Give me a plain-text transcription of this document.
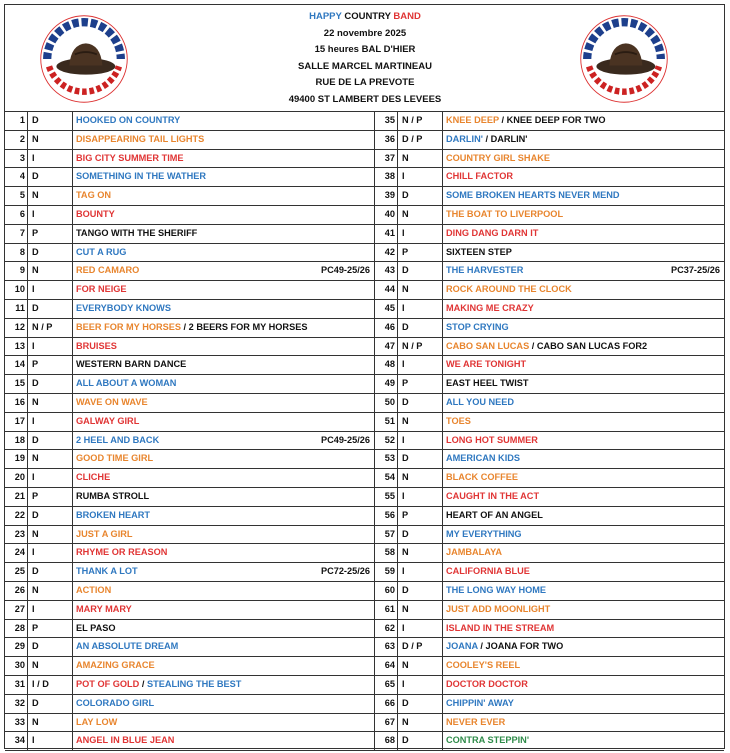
HAPPY COUNTRY BAND
22 novembre 2025
15 heures BAL D'HIER
SALLE MARCEL MARTINEAU
RUE DE LA PREVOTE
49400 ST LAMBERT DES LEVEES
1 D	HOOKED ON COUNTRY
2 N	DISAPPEARING TAIL LIGHTS
3 I	BIG CITY SUMMER TIME
4 D	SOMETHING IN THE WATHER
5 N	TAG ON
6 I	BOUNTY
7 P	TANGO WITH THE SHERIFF
8 D	CUT A RUG
9 N	RED CAMARO	PC49-25/26
10 I	FOR NEIGE
11 D	EVERYBODY KNOWS
12 N / P	BEER FOR MY HORSES / 2 BEERS FOR MY HORSES
13 I	BRUISES
14 P	WESTERN BARN DANCE
15 D	ALL ABOUT A WOMAN
16 N	WAVE ON WAVE
17 I	GALWAY GIRL
18 D	2 HEEL AND BACK	PC49-25/26
19 N	GOOD TIME GIRL
20 I	CLICHE
21 P	RUMBA STROLL
22 D	BROKEN HEART
23 N	JUST A GIRL
24 I	RHYME OR REASON
25 D	THANK A LOT	PC72-25/26
26 N	ACTION
27 I	MARY MARY
28 P	EL PASO
29 D	AN ABSOLUTE DREAM
30 N	AMAZING GRACE
31 I / D	POT OF GOLD / STEALING THE BEST
32 D	COLORADO GIRL
33 N	LAY LOW
34 I	ANGEL IN BLUE JEAN
35 N / P	KNEE DEEP / KNEE DEEP FOR TWO
36 D / P	DARLIN' / DARLIN'
37 N	COUNTRY GIRL SHAKE
38 I	CHILL FACTOR
39 D	SOME BROKEN HEARTS NEVER MEND
40 N	THE BOAT TO LIVERPOOL
41 I	DING DANG DARN IT
42 P	SIXTEEN STEP
43 D	THE HARVESTER	PC37-25/26
44 N	ROCK AROUND THE CLOCK
45 I	MAKING ME CRAZY
46 D	STOP CRYING
47 N / P	CABO SAN LUCAS / CABO SAN LUCAS FOR2
48 I	WE ARE TONIGHT
49 P	EAST HEEL TWIST
50 D	ALL YOU NEED
51 N	TOES
52 I	LONG HOT SUMMER
53 D	AMERICAN KIDS
54 N	BLACK COFFEE
55 I	CAUGHT IN THE ACT
56 P	HEART OF AN ANGEL
57 D	MY EVERYTHING
58 N	JAMBALAYA
59 I	CALIFORNIA BLUE
60 D	THE LONG WAY HOME
61 N	JUST ADD MOONLIGHT
62 I	ISLAND IN THE STREAM
63 D / P	JOANA / JOANA FOR TWO
64 N	COOLEY'S REEL
65 I	DOCTOR DOCTOR
66 D	CHIPPIN' AWAY
67 N	NEVER EVER
68 D	CONTRA STEPPIN'
